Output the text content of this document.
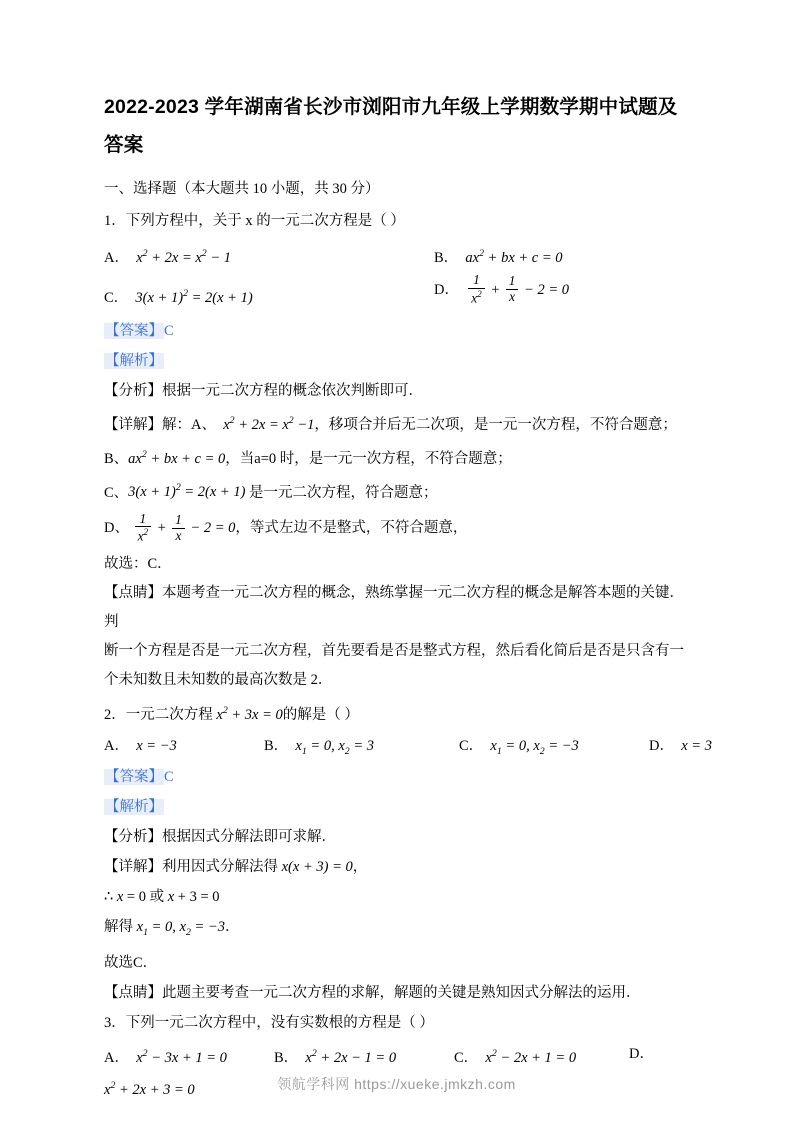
2022-2023 学年湖南省长沙市浏阳市九年级上学期数学期中试题及答案

一、选择题（本大题共 10 小题，共 30 分）

1．下列方程中，关于 x 的一元二次方程是（ ）

A．  $x^2 + 2x = x^2 - 1$	B．  $ax^2$ + bx + c = 0
C．  $3(x + 1)^2 = 2(x + 1)$	D． $\frac{1}{x^2} + \frac{1}{x} - 2 = 0$

【答案】C

【解析】

【分析】根据一元二次方程的概念依次判断即可．

【详解】解：A、  $x^2 + 2x = x^2 -1$，移项合并后无二次项，是一元一次方程，不符合题意；

B、$ax^2$ + bx + c = 0，当a=0 时，是一元一次方程，不符合题意；

C、$3(x + 1)^2 = 2(x + 1)$ 是一元二次方程，符合题意；

D、 $\frac{1}{x^2} + \frac{1}{x} - 2 = 0$，等式左边不是整式，不符合题意，

故选：C．

【点睛】本题考查一元二次方程的概念，熟练掌握一元二次方程的概念是解答本题的关键．判

断一个方程是否是一元二次方程，首先要看是否是整式方程，然后看化简后是否是只含有一

个未知数且未知数的最高次数是 2．

2．一元二次方程 $x^2 + 3x = 0$的解是（ ）

A．  x = −3	B．  $x_1 = 0$, $x_2 = 3$	C．  $x_1 = 0$, $x_2 = -3$	D．  x = 3

【答案】C

【解析】

【分析】根据因式分解法即可求解．

【详解】利用因式分解法得 x(x + 3) = 0，

∴ x = 0 或 x + 3 = 0

解得 $x_1 = 0$, $x_2 = -3$．

故选C．

【点睛】此题主要考查一元二次方程的求解，解题的关键是熟知因式分解法的运用．

3．下列一元二次方程中，没有实数根的方程是（ ）

A．  $x^2 - 3x + 1 = 0$	B．  $x^2 + 2x - 1 = 0$	C．  $x^2 - 2x + 1 = 0$	D．
$x^2 + 2x + 3 = 0$	领航学科网 https://xueke.jmkzh.com
